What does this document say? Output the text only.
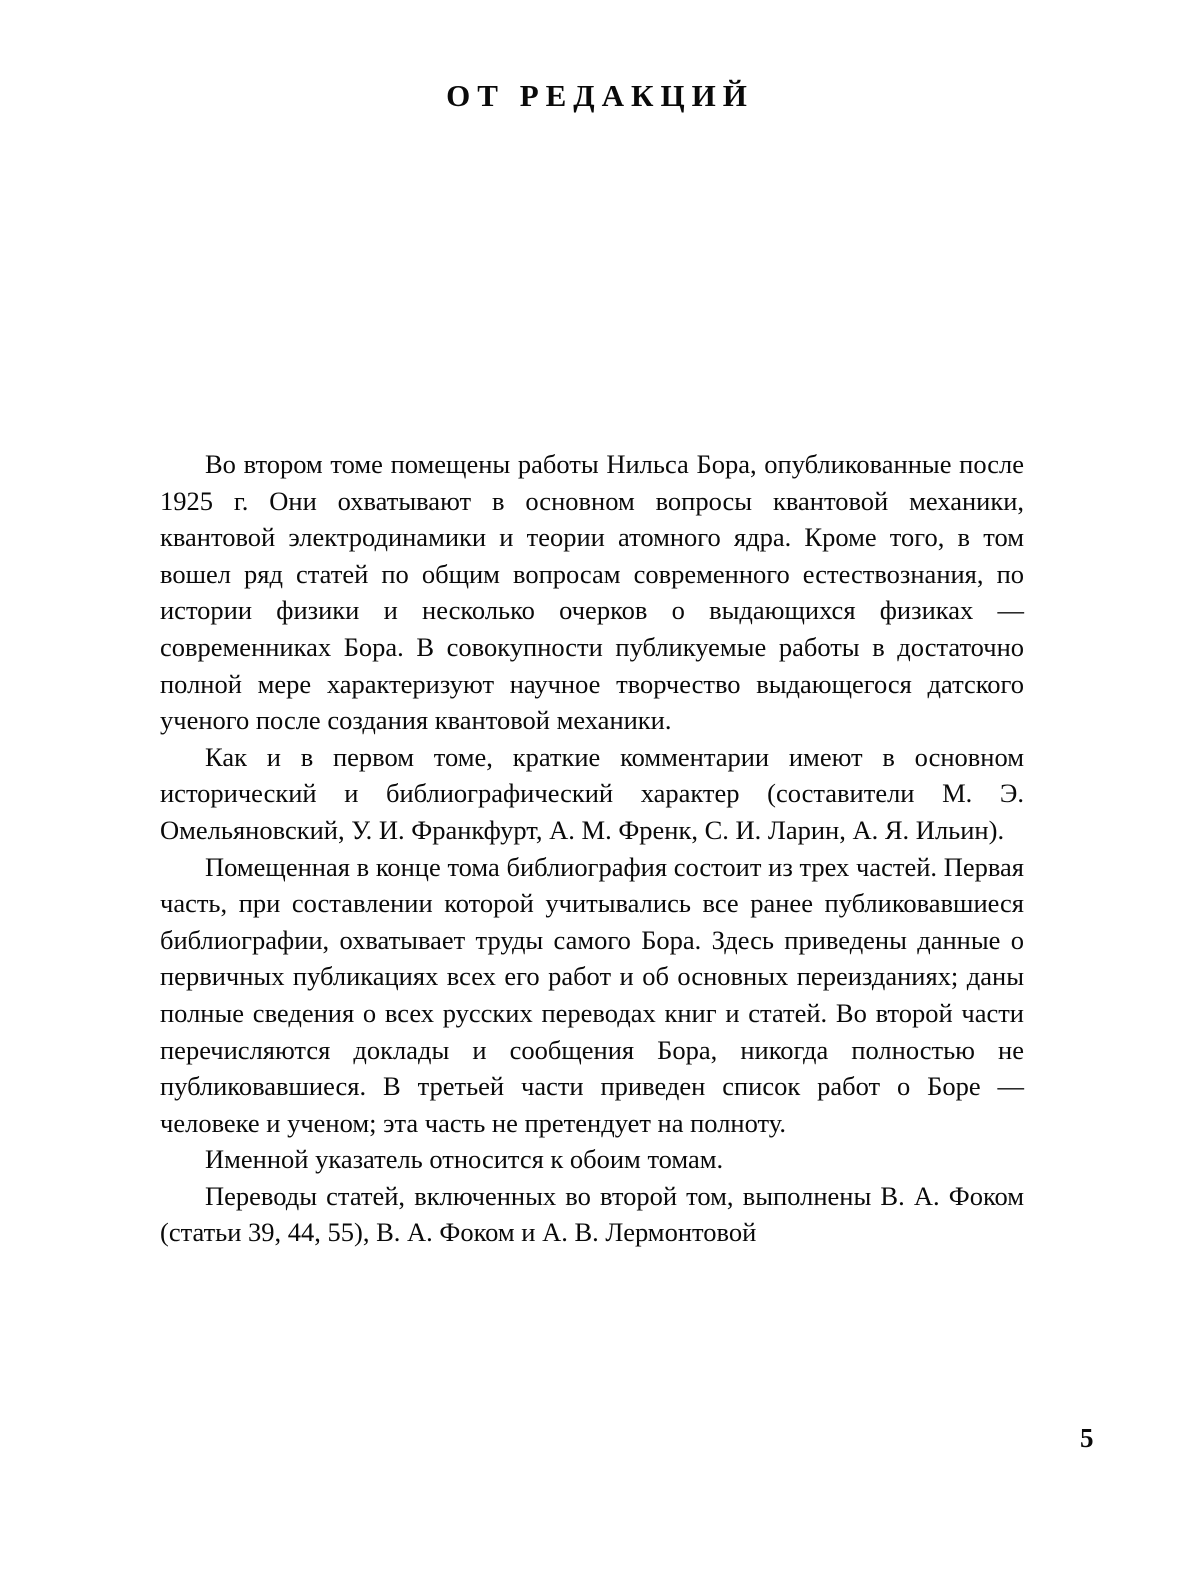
ОТ РЕДАКЦИЙ

Во втором томе помещены работы Нильса Бора, опубликованные после 1925 г. Они охватывают в основном вопросы квантовой механики, квантовой электродинамики и теории атомного ядра. Кроме того, в том вошел ряд статей по общим вопросам современного естествознания, по истории физики и несколько очерков о выдающихся физиках — современниках Бора. В совокупности публикуемые работы в достаточно полной мере характеризуют научное творчество выдающегося датского ученого после создания квантовой механики.

Как и в первом томе, краткие комментарии имеют в основном исторический и библиографический характер (составители М. Э. Омельяновский, У. И. Франкфурт, А. М. Френк, С. И. Ларин, А. Я. Ильин).

Помещенная в конце тома библиография состоит из трех частей. Первая часть, при составлении которой учитывались все ранее публиковавшиеся библиографии, охватывает труды самого Бора. Здесь приведены данные о первичных публикациях всех его работ и об основных переизданиях; даны полные сведения о всех русских переводах книг и статей. Во второй части перечисляются доклады и сообщения Бора, никогда полностью не публиковавшиеся. В третьей части приведен список работ о Боре — человеке и ученом; эта часть не претендует на полноту.

Именной указатель относится к обоим томам.

Переводы статей, включенных во второй том, выполнены В. А. Фоком (статьи 39, 44, 55), В. А. Фоком и А. В. Лермонтовой

5
